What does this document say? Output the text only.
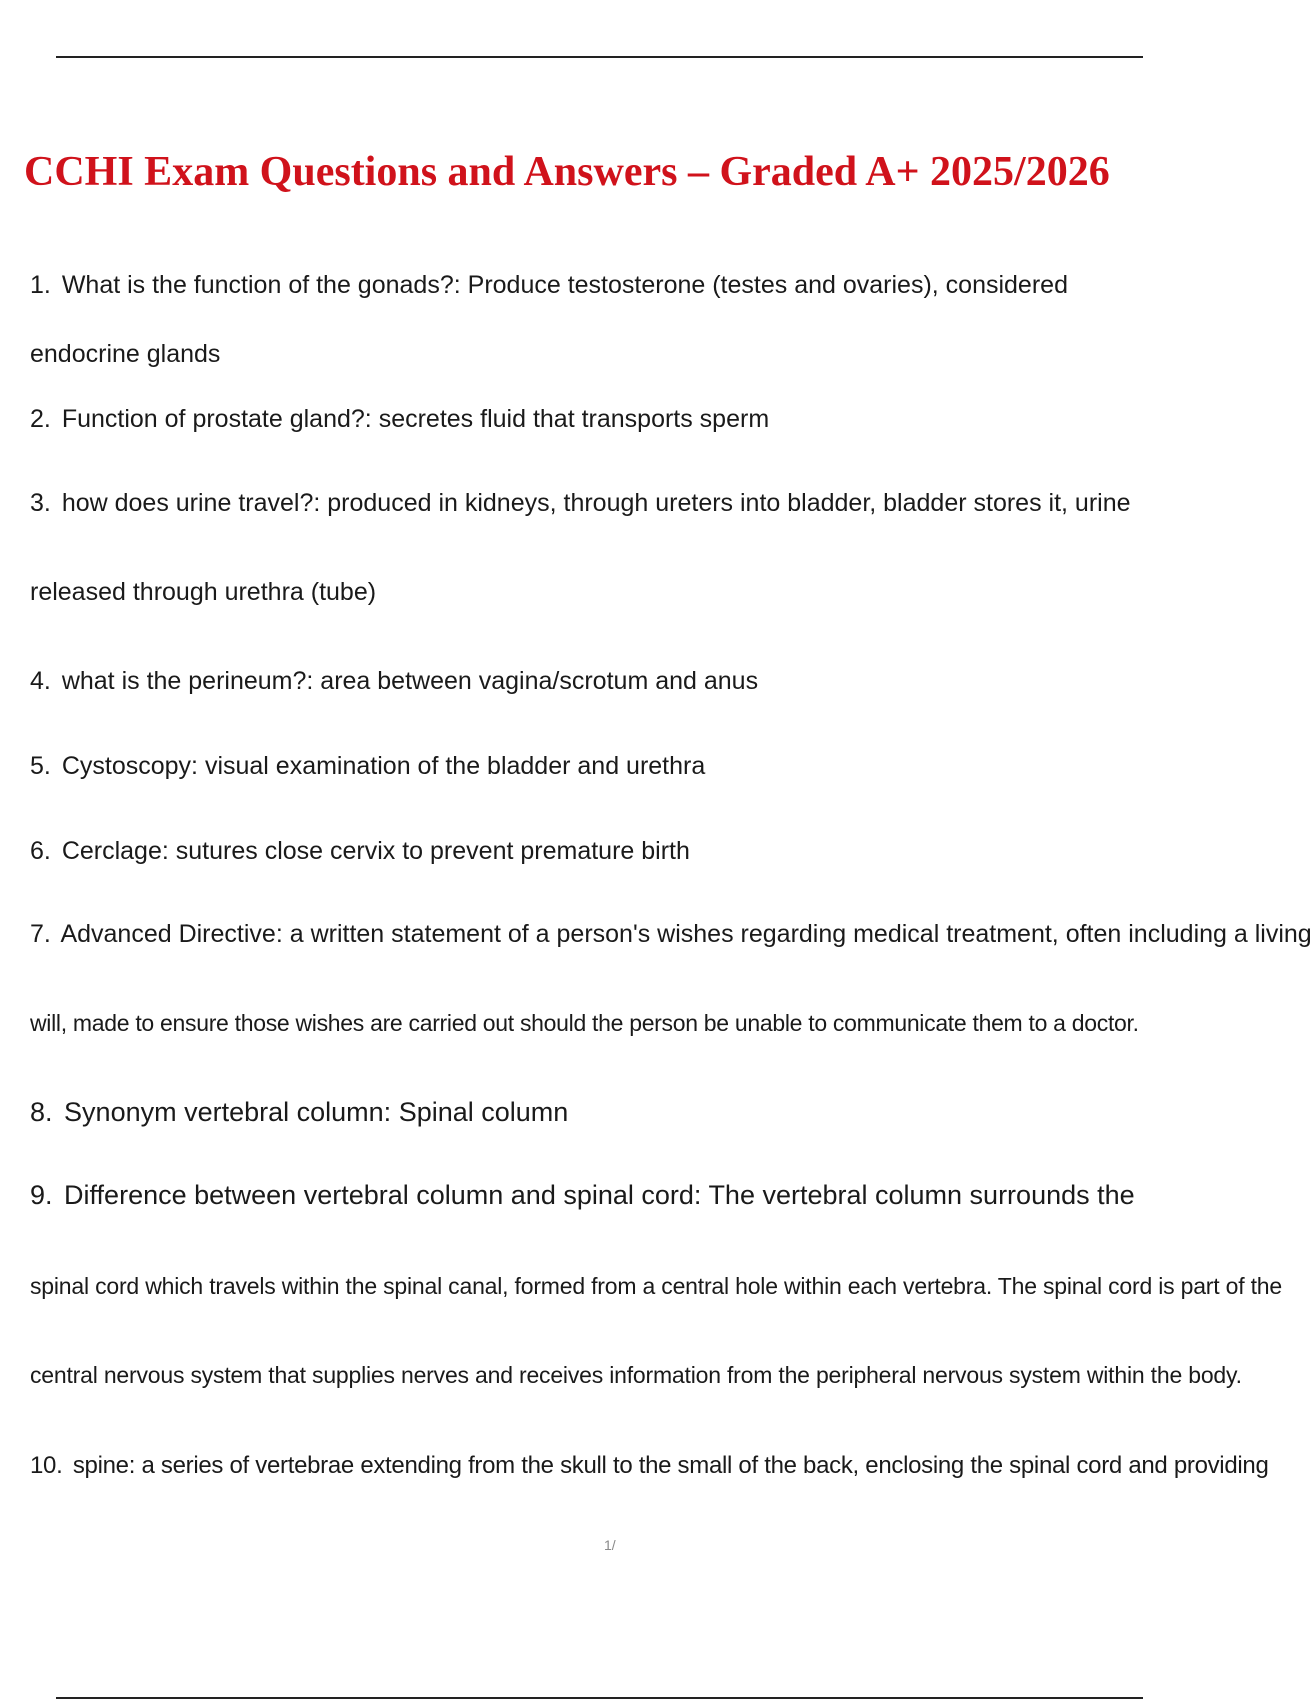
CCHI Exam Questions and Answers – Graded A+ 2025/2026

1. What is the function of the gonads?: Produce testosterone (testes and ovaries), considered

endocrine glands

2. Function of prostate gland?: secretes fluid that transports sperm

3. how does urine travel?: produced in kidneys, through ureters into bladder, bladder stores it, urine

released through urethra (tube)

4. what is the perineum?: area between vagina/scrotum and anus

5. Cystoscopy: visual examination of the bladder and urethra

6. Cerclage: sutures close cervix to prevent premature birth

7. Advanced Directive: a written statement of a person's wishes regarding medical treatment, often including a living

will, made to ensure those wishes are carried out should the person be unable to communicate them to a doctor.

8. Synonym vertebral column: Spinal column

9. Difference between vertebral column and spinal cord: The vertebral column surrounds the

spinal cord which travels within the spinal canal, formed from a central hole within each vertebra. The spinal cord is part of the

central nervous system that supplies nerves and receives information from the peripheral nervous system within the body.

10. spine: a series of vertebrae extending from the skull to the small of the back, enclosing the spinal cord and providing

1/
